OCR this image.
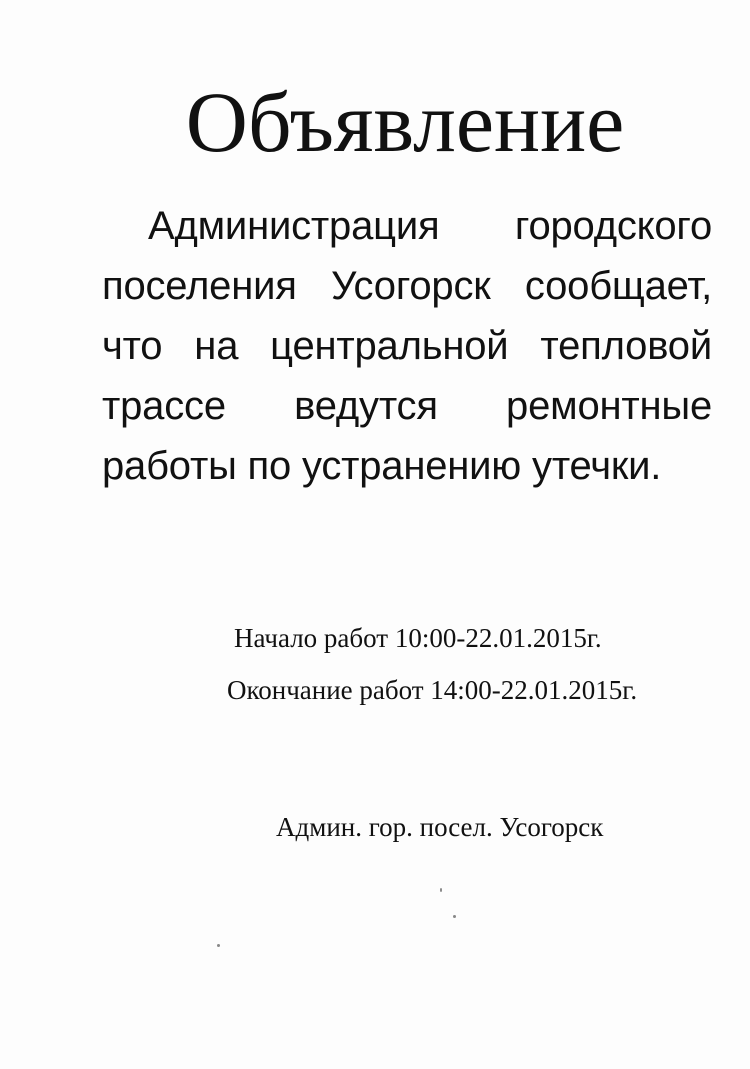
Объявление

Администрация городского поселения Усогорск сообщает, что на центральной тепловой трассе ведутся ремонтные работы по устранению утечки.

Начало работ 10:00-22.01.2015г.
Окончание работ 14:00-22.01.2015г.
Админ. гор. посел. Усогорск
